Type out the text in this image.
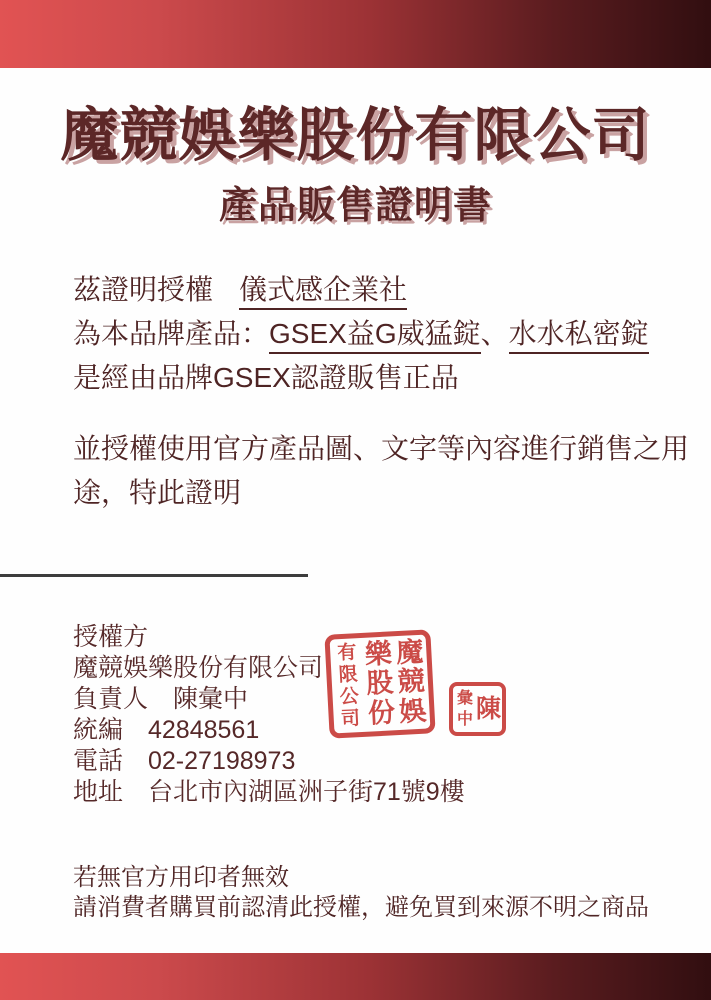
魔競娛樂股份有限公司
產品販售證明書
茲證明授權 儀式感企業社
為本品牌產品：GSEX益G威猛錠、水水私密錠
是經由品牌GSEX認證販售正品
並授權使用官方產品圖、文字等內容進行銷售之用途，特此證明
授權方
魔競娛樂股份有限公司
負責人　陳彙中
統編　42848561
電話　02-27198973
地址　台北市內湖區洲子街71號9樓
有
限
公
司
樂
股
份
魔
競
娛 彙
中 陳
若無官方用印者無效
請消費者購買前認清此授權，避免買到來源不明之商品
